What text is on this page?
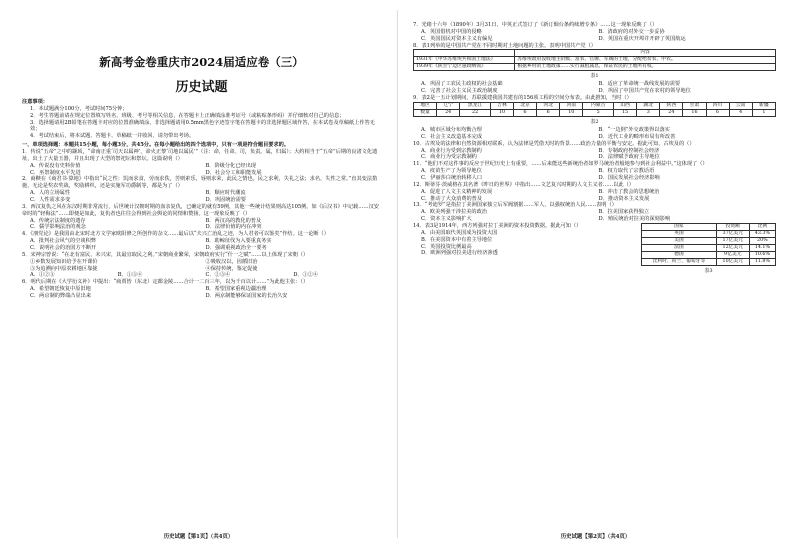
新高考金卷重庆市2024届适应卷（三）
历史试题

注意事项：

1．本试题满分100分，考试时间75分钟；

2．考生答题前请在规定位置填写姓名、班级、考号等相关信息，在答题卡上正确填涂准考证号（或粘贴条形码）并仔细核对自己的信息；

3．选择题请用2B铅笔在答题卡对应的位置准确填涂，非选择题请用0.5mm黑色字迹签字笔在答题卡的非选择题区域作答，在本试卷及草稿纸上作答无效；

4．考试结束后，将本试题、答题卡、草稿纸一并收回，请勿带出考场。

一、单项选择题：本题共15小题，每小题3分，共45分。在每小题给出的四个选项中，只有一项是符合题目要求的。

1．传说“五帝”之中的颛顼，“命南正重‘司天以属神’，命火正黎‘司地以属民’”（注：命，任命。司，负责。属，归属）；大约相当于“五帝”后期的良渚文化遗址，出土了大量玉器，并且出现了大型的祭祀坛和祭坛。这篇说明（）

A．传说没有史料价值	B．阶级分化已经出现
C．巫祭制度水平先进	D．社会分工和职能发展

2．商鞅在《商君书·算地》中指出“民之性：饥而求食，劳而求佚，苦则索乐，辱则求荣，此民之情也。民之求利，失礼之法；求名，失性之常。”直其变法措施，无论是奖农奖战，奖励耕织，还是实施军功爵制等，都是为了（）

A．人的立场属性	B．顺应时代潮流
C．人性需求多变	D．巩固统治需要

3．西汉复仇之风在东汉时期非常流行，后世统计汉朝时期的血亲复仇，已确定的就有59例，其他一些统计结果则高达105例。如《后汉书》中记载……汉安帝时的“轻侮法”……即便是如此，复仇者也往往会得到社会舆论的同情和赞扬。这一现象反映了（）

A．传统宗法制度的遗存	B．两汉高的教化的普及
C．儒学影响法治的观念	D．法律价值的内在冲突

4．《朋党论》是我国由北宋时北方文学家欧阳修之所创作的杂文……最后以“夫兴亡治乱之迹，为人君者可以鉴矣”作结。这一论断（）

A．批判社会风气的空谈积弊	B．助鲸征伐为入要重真务实
C．说明社会的治国方不断开	D．强调重视政治全一要务

5．宋神宗曾说：“在北有富民，未兴宋，其最宜取民之利。”宋朝商业繁荣，宋朝政府实行“什一之赋”……以上体现了宋朝（）

①乡数发展知识给予在开课价	②吸收汉以，因循旧治
③为追溯向中原农耕地区靠拢	④保持传统，鉴定促使
A．①②③	B．①③④	C．②③④	D．①②④

6．明代后期在《大学衍义补》中提出：“商贾皆（东北）定都金陵……合计一二百三年，以为千百以计……”为此他主张：（）

A．希望朝廷恢复中原旧地	B．希望国家重视边疆治理
C．两京制的弊端凸显出来	D．两京制能够保证国家的长治久安
历史试题【第1页】（共4页）

7．光绪十六年（1890年）3月31日，中英正式签订了《新订烟台条约续增专条》……这一现象反映了（）

A．英国借机对中国的侵略	B．清政府的对外交一步妥协
C．英国国民对资本主义有偏见	D．英国在重庆开埠并开辟了英国航运

8．表1列举的是中国共产党在不同时期对土地问题的主张。表明中国共产党（）

	内容
1931年《中华苏维埃共和国土地法》	苏维埃政府没收地主阶级、富农、官僚、军阀的土地，分配给贫农、中农。
1939年《陕甘宁边区施政纲领》	根据乡村的土地政策……实行减租减息，保证农民的土地所有权。
表1
A．巩固了工农民主政权的社会基础	B．适应了革命统一战线发展的需要
C．完善了社会主义民主政治制度	D．巩固了中国共产党在农村的领导地位

9．表2是一五计划期间，苏联援建我国共建有的156项工程的空间分布表。由此推知，当时（）

地区	辽宁	黑龙江	吉林	北京	河北	河南	内蒙古	山西	湖北	陕西	甘肃	四川	云南	新疆
数量	24	22	10	6	6	10	5	15	3	24	16	6	4	1
表2
A．城市区域分布均衡合理	B．“一边倒”外交政策得以落实
C．社会主义改造基本完成	D．近代工业的畸形布局有所改善

10．古埃及的法律和自然资源相对联系，认为法律是凭借天时的背景……政治力量的平衡与安定。据此可知，古埃及的（）

A．商业行为受到宗教制约	B．专制政府控制社会经济
C．商业行为受宗教制约	D．法律赋予政府主导地位

11．“他们不对这件事的反应于世纪历史上有重要，……后来能这些新统治者如罗马统治者般地参与到社会利益中。”这体现了（）

A．疫苗生产了为领导地位	B．权力取代了宗教话语
C．伊丽莎白统治转移人口	D．国民发展社会经济影响

12．斯蒂芬·茨威格在其名著《昨日的世界》中指出……文艺复兴时期的人文主义者……以此（）

A．促进了人文主义精神的发展	B．冲击了教会的思想统治
C．推动了大众消费的普及	D．推动资本主义发展

13．“考迪罗”是指拉丁美洲国家独立后军阀割据……军人，以强权统治人民……表明（）

A．欧美列强干涉拉美的政治	B．拉美国家获得独立
C．资本主义影响扩大	D．殖民统治对拉美的深刻影响

14．表3是1914年，西方列强对拉丁美洲的资本投资数据。据此可知（）

A．由美国取代英国成为投资大国
B．在美国资本中有着主导地位
C．英国投资比例最高
D．欧洲列强对拉美进行经济渗透
国家	投资额	比例
英国	37亿美元	43.3%
美国	17亿美元	20%
法国	12亿美元	14.1%
德国	9亿美元	10.6%
比利时、荷兰、葡萄牙等	10亿美元	11.8%
表3
历史试题【第2页】（共4页）
